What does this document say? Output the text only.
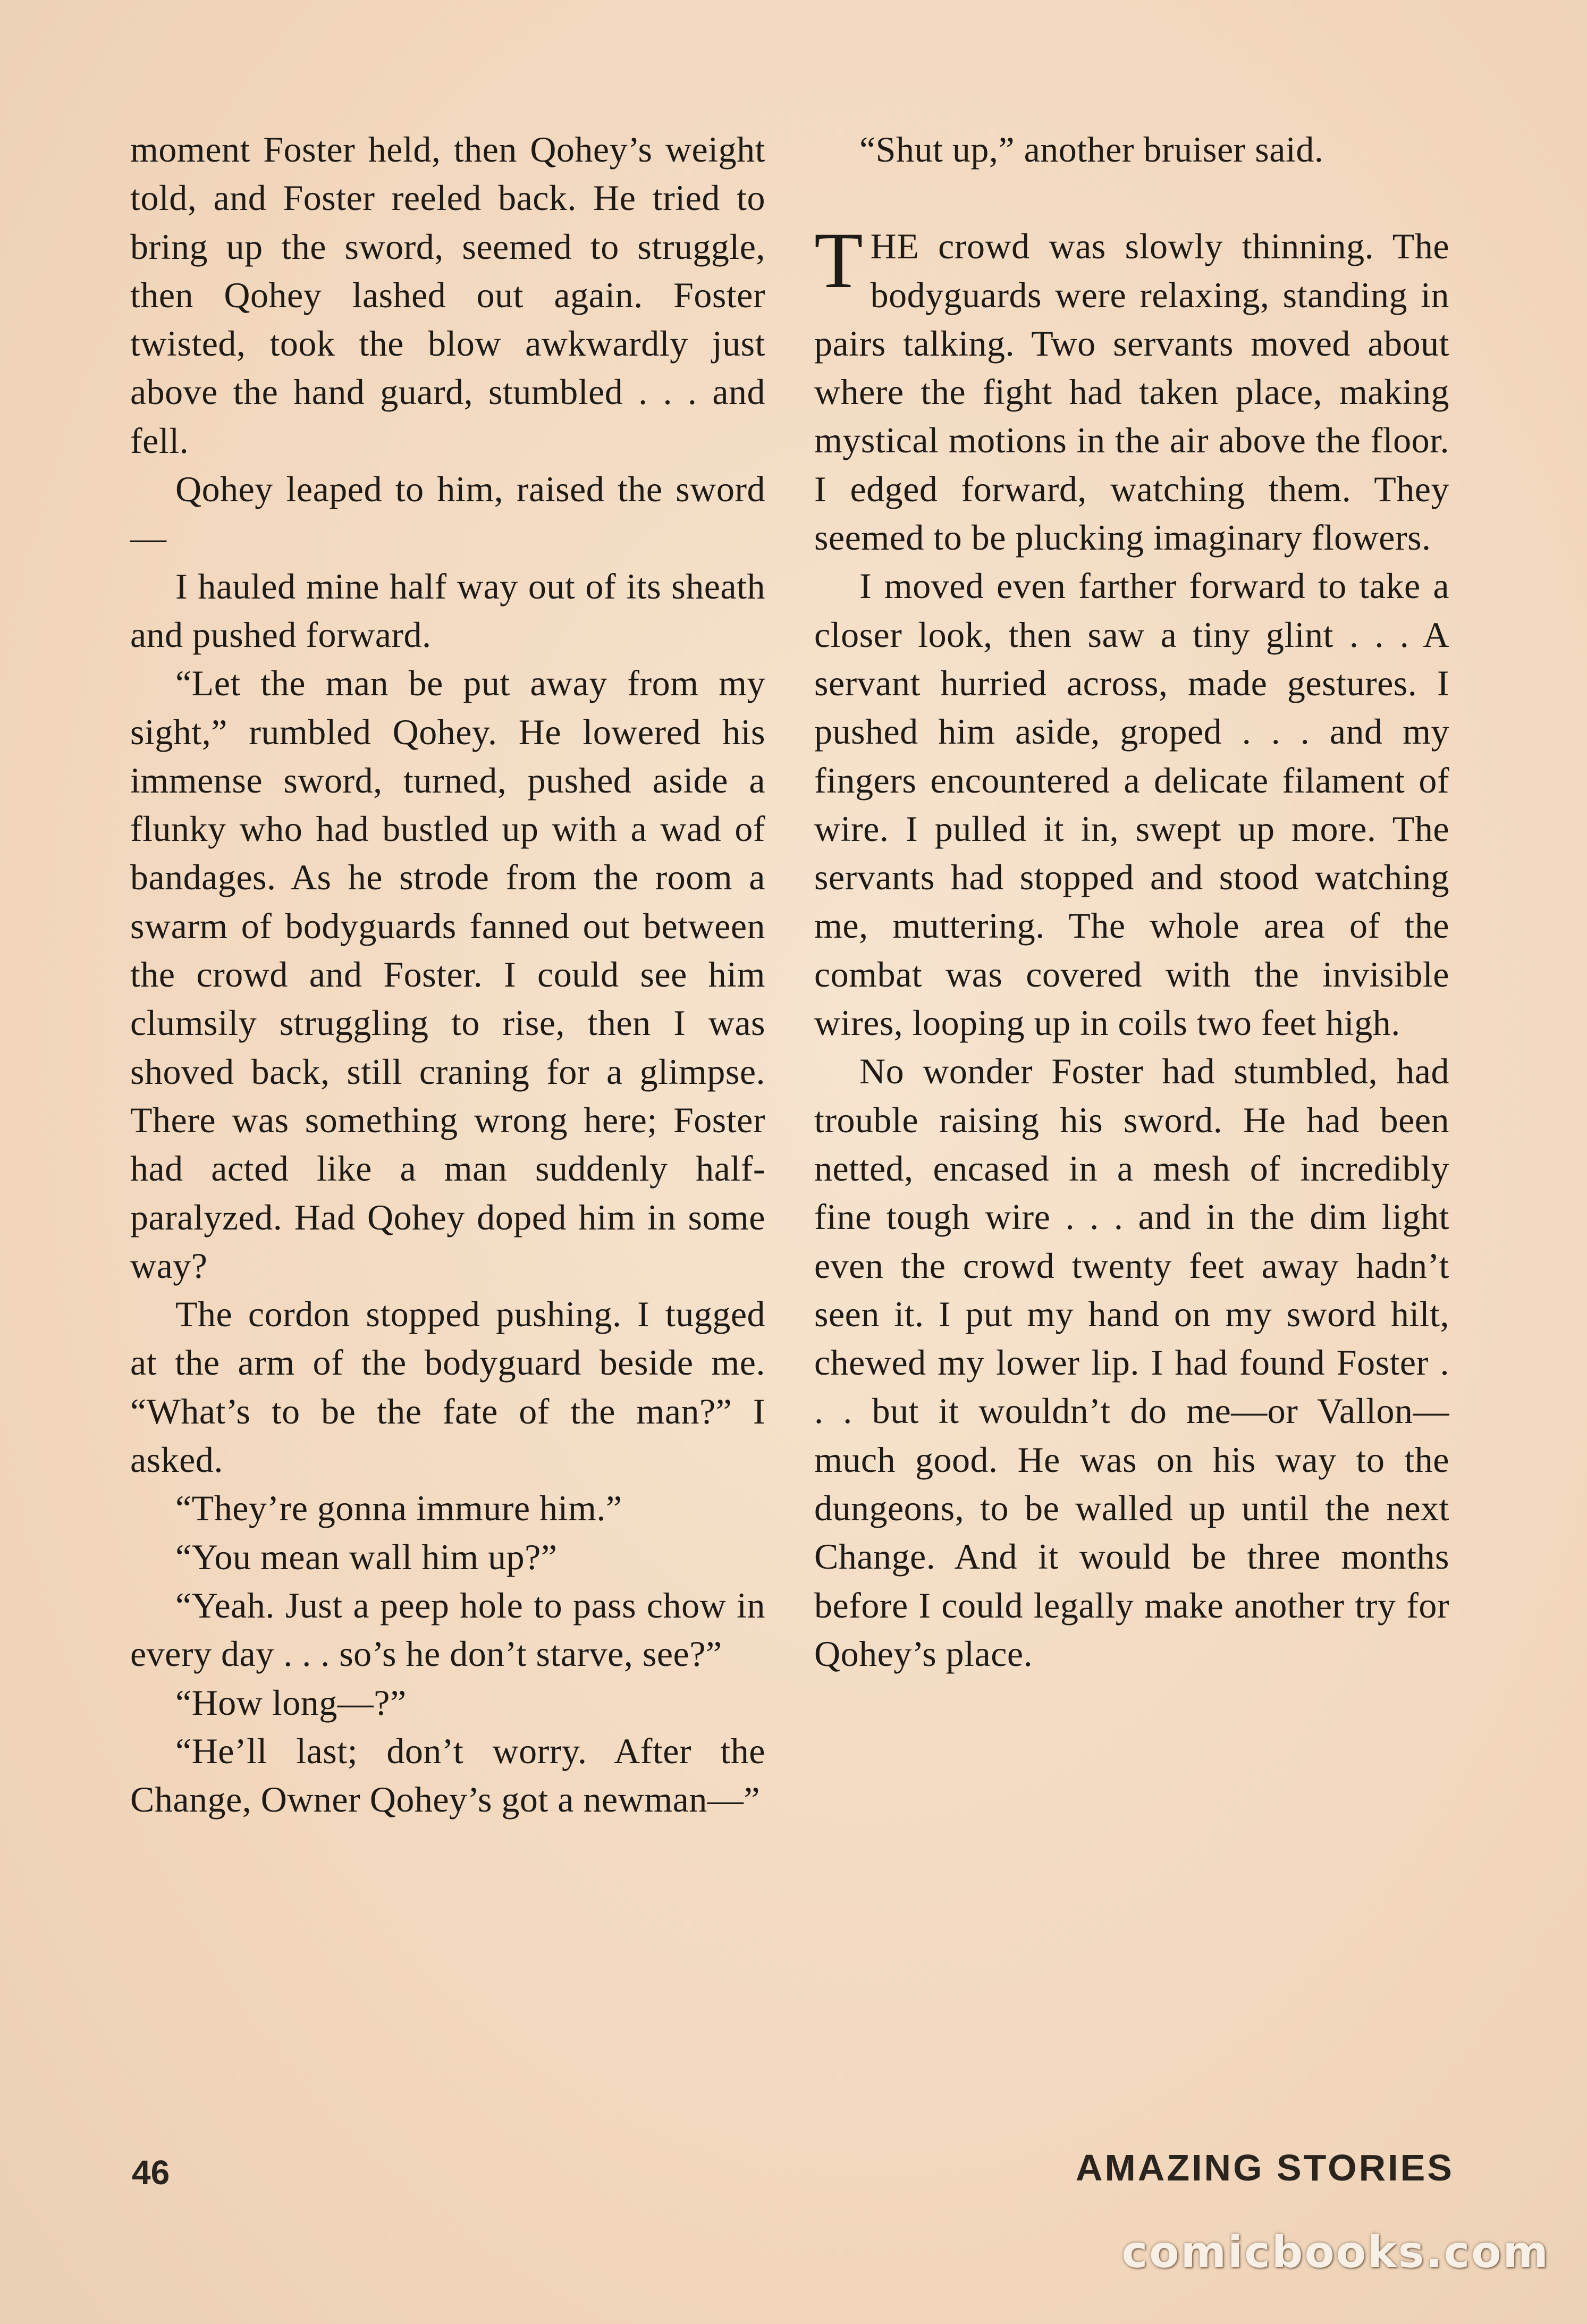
moment Foster held, then Qohey’s weight told, and Foster reeled back. He tried to bring up the sword, seemed to struggle, then Qohey lashed out again. Foster twisted, took the blow awkwardly just above the hand guard, stumbled . . . and fell.

Qohey leaped to him, raised the sword—

I hauled mine half way out of its sheath and pushed forward.

“Let the man be put away from my sight,” rumbled Qohey. He lowered his immense sword, turned, pushed aside a flunky who had bustled up with a wad of bandages. As he strode from the room a swarm of bodyguards fanned out between the crowd and Foster. I could see him clumsily struggling to rise, then I was shoved back, still craning for a glimpse. There was something wrong here; Foster had acted like a man suddenly half-paralyzed. Had Qohey doped him in some way?

The cordon stopped pushing. I tugged at the arm of the bodyguard beside me. “What’s to be the fate of the man?” I asked.

“They’re gonna immure him.”

“You mean wall him up?”

“Yeah. Just a peep hole to pass chow in every day . . . so’s he don’t starve, see?”

“How long—?”

“He’ll last; don’t worry. After the Change, Owner Qohey’s got a newman—”

“Shut up,” another bruiser said.

THE crowd was slowly thinning. The bodyguards were relaxing, standing in pairs talking. Two servants moved about where the fight had taken place, making mystical motions in the air above the floor. I edged forward, watching them. They seemed to be plucking imaginary flowers.

I moved even farther forward to take a closer look, then saw a tiny glint . . . A servant hurried across, made gestures. I pushed him aside, groped . . . and my fingers encountered a delicate filament of wire. I pulled it in, swept up more. The servants had stopped and stood watching me, muttering. The whole area of the combat was covered with the invisible wires, looping up in coils two feet high.

No wonder Foster had stumbled, had trouble raising his sword. He had been netted, encased in a mesh of incredibly fine tough wire . . . and in the dim light even the crowd twenty feet away hadn’t seen it. I put my hand on my sword hilt, chewed my lower lip. I had found Foster . . . but it wouldn’t do me—or Vallon—much good. He was on his way to the dungeons, to be walled up until the next Change. And it would be three months before I could legally make another try for Qohey’s place.

46	AMAZING STORIES
comicbooks.com
